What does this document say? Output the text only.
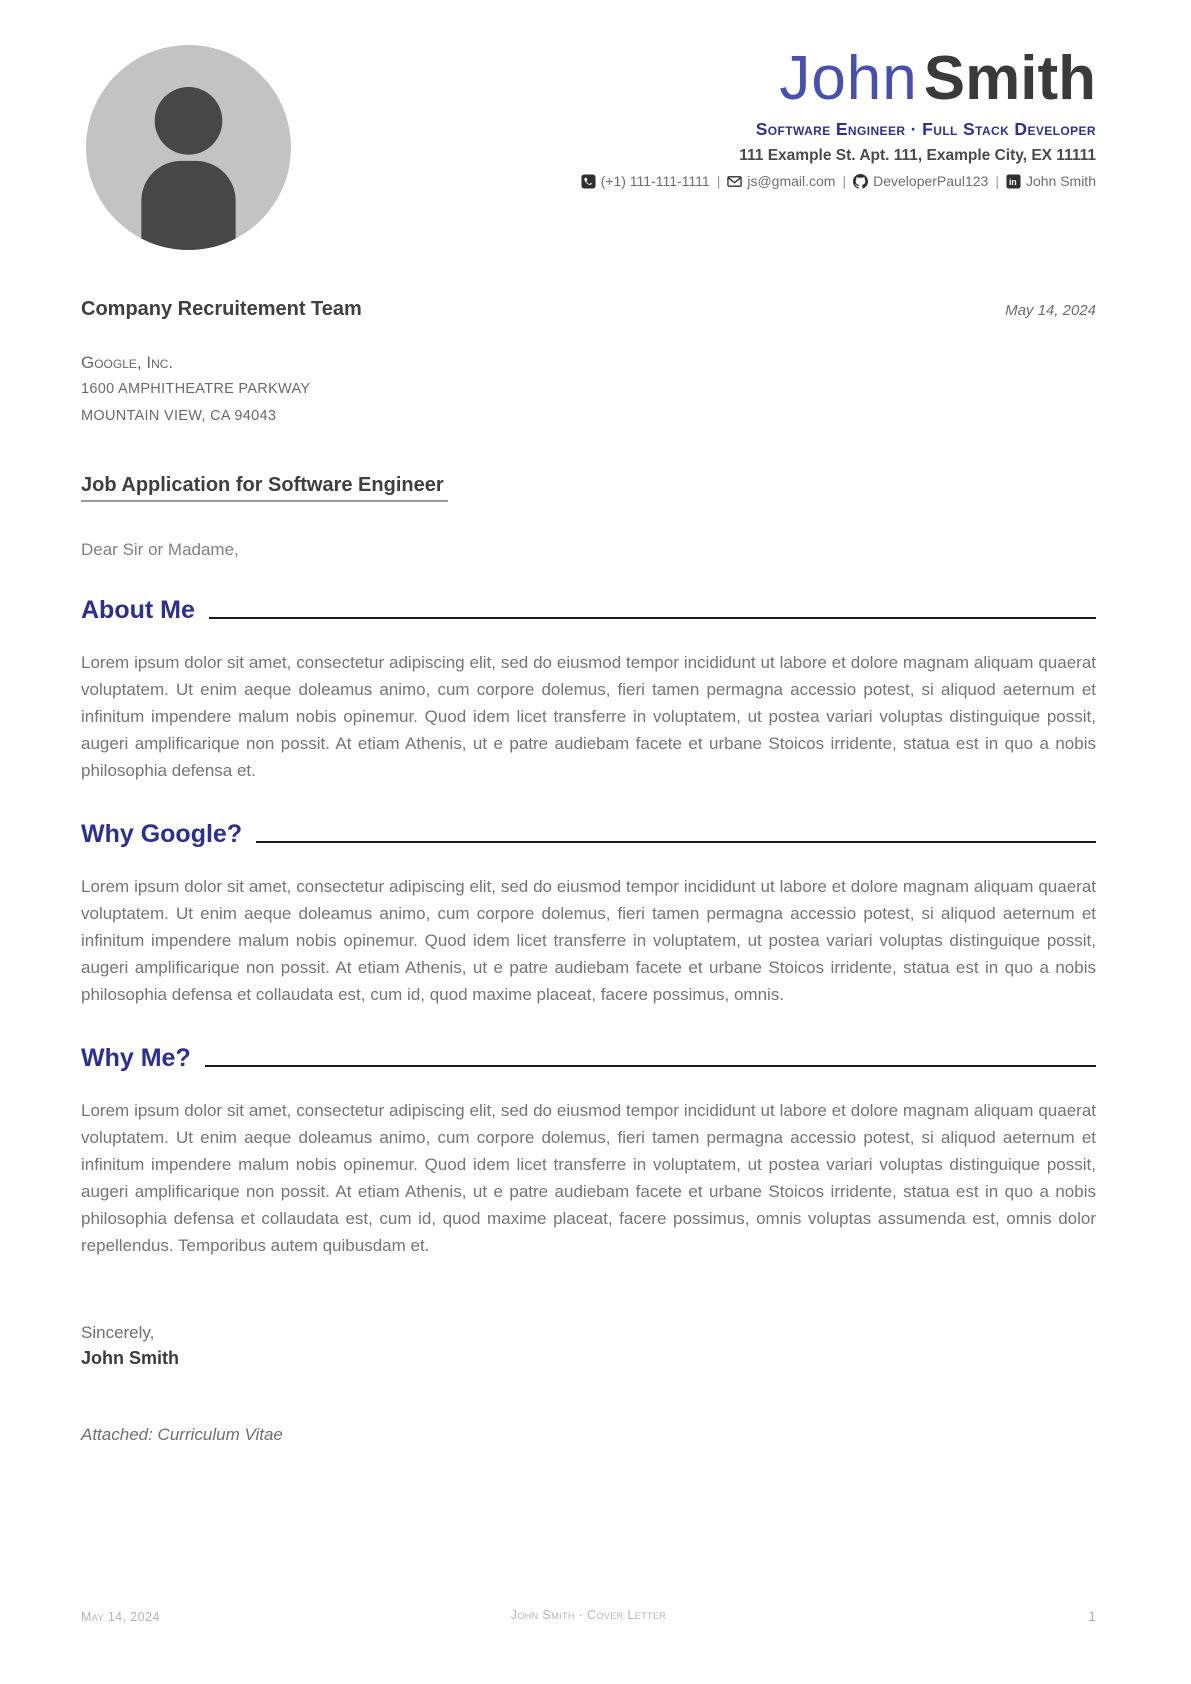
JohnSmith
Software Engineer · Full Stack Developer
111 Example St. Apt. 111, Example City, EX 11111
(+1) 111-111-1111 | js@gmail.com | DeveloperPaul123 | in John Smith
Company Recruitement Team	May 14, 2024
Google, Inc.
1600 AMPHITHEATRE PARKWAY
MOUNTAIN VIEW, CA 94043
Job Application for Software Engineer
Dear Sir or Madame,
About Me
Lorem ipsum dolor sit amet, consectetur adipiscing elit, sed do eiusmod tempor incididunt ut labore et dolore magnam aliquam quaerat voluptatem. Ut enim aeque doleamus animo, cum corpore dolemus, fieri tamen permagna accessio potest, si aliquod aeternum et infinitum impendere malum nobis opinemur. Quod idem licet transferre in voluptatem, ut postea variari voluptas distinguique possit, augeri amplificarique non possit. At etiam Athenis, ut e patre audiebam facete et urbane Stoicos irridente, statua est in quo a nobis philosophia defensa et.
Why Google?
Lorem ipsum dolor sit amet, consectetur adipiscing elit, sed do eiusmod tempor incididunt ut labore et dolore magnam aliquam quaerat voluptatem. Ut enim aeque doleamus animo, cum corpore dolemus, fieri tamen permagna accessio potest, si aliquod aeternum et infinitum impendere malum nobis opinemur. Quod idem licet transferre in voluptatem, ut postea variari voluptas distinguique possit, augeri amplificarique non possit. At etiam Athenis, ut e patre audiebam facete et urbane Stoicos irridente, statua est in quo a nobis philosophia defensa et collaudata est, cum id, quod maxime placeat, facere possimus, omnis.
Why Me?
Lorem ipsum dolor sit amet, consectetur adipiscing elit, sed do eiusmod tempor incididunt ut labore et dolore magnam aliquam quaerat voluptatem. Ut enim aeque doleamus animo, cum corpore dolemus, fieri tamen permagna accessio potest, si aliquod aeternum et infinitum impendere malum nobis opinemur. Quod idem licet transferre in voluptatem, ut postea variari voluptas distinguique possit, augeri amplificarique non possit. At etiam Athenis, ut e patre audiebam facete et urbane Stoicos irridente, statua est in quo a nobis philosophia defensa et collaudata est, cum id, quod maxime placeat, facere possimus, omnis voluptas assumenda est, omnis dolor repellendus. Temporibus autem quibusdam et.
Sincerely,
John Smith
Attached: Curriculum Vitae
May 14, 2024	John Smith · Cover Letter	1
